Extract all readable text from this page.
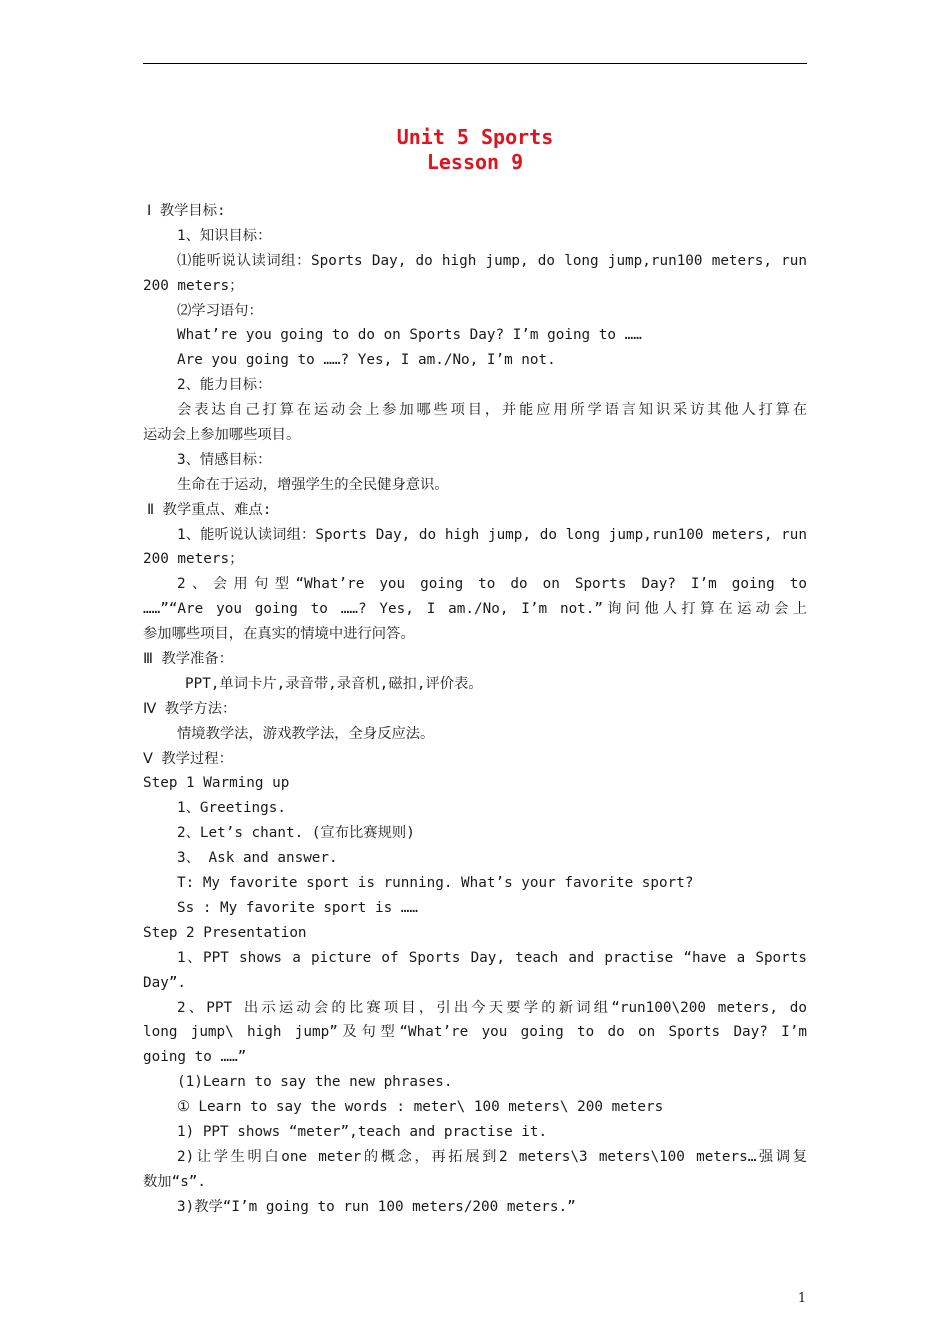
Unit 5 Sports
Lesson 9
Ⅰ 教学目标:
1、知识目标：
⑴能听说认读词组：Sports Day, do high jump, do long jump,run100 meters, run
200 meters；
⑵学习语句：
What’re you going to do on Sports Day? I’m going to ……
Are you going to ……? Yes, I am./No, I’m not.
2、能力目标：
会表达自己打算在运动会上参加哪些项目，并能应用所学语言知识采访其他人打算在
运动会上参加哪些项目。
3、情感目标：
生命在于运动，增强学生的全民健身意识。
Ⅱ 教学重点、难点:
1、能听说认读词组：Sports Day, do high jump, do long jump,run100 meters, run
200 meters；
2、会用句型“What’re you going to do on Sports Day? I’m going to
……”“Are you going to ……? Yes, I am./No, I’m not.”询问他人打算在运动会上
参加哪些项目，在真实的情境中进行问答。
Ⅲ 教学准备：
PPT,单词卡片,录音带,录音机,磁扣,评价表。
Ⅳ 教学方法：
情境教学法，游戏教学法，全身反应法。
Ⅴ 教学过程：
Step 1 Warming up
1、Greetings.
2、Let’s chant. (宣布比赛规则)
3、 Ask and answer.
T: My favorite sport is running. What’s your favorite sport?
Ss : My favorite sport is ……
Step 2 Presentation
1、PPT shows a picture of Sports Day, teach and practise “have a Sports
Day”.
2、PPT 出示运动会的比赛项目，引出今天要学的新词组“run100\200 meters, do
long jump\ high jump”及句型“What’re you going to do on Sports Day? I’m
going to ……”
(1)Learn to say the new phrases.
① Learn to say the words : meter\ 100 meters\ 200 meters
1) PPT shows “meter”,teach and practise it.
2)让学生明白one meter的概念，再拓展到2 meters\3 meters\100 meters…强调复
数加“s”.
3)教学“I’m going to run 100 meters/200 meters.”
1
